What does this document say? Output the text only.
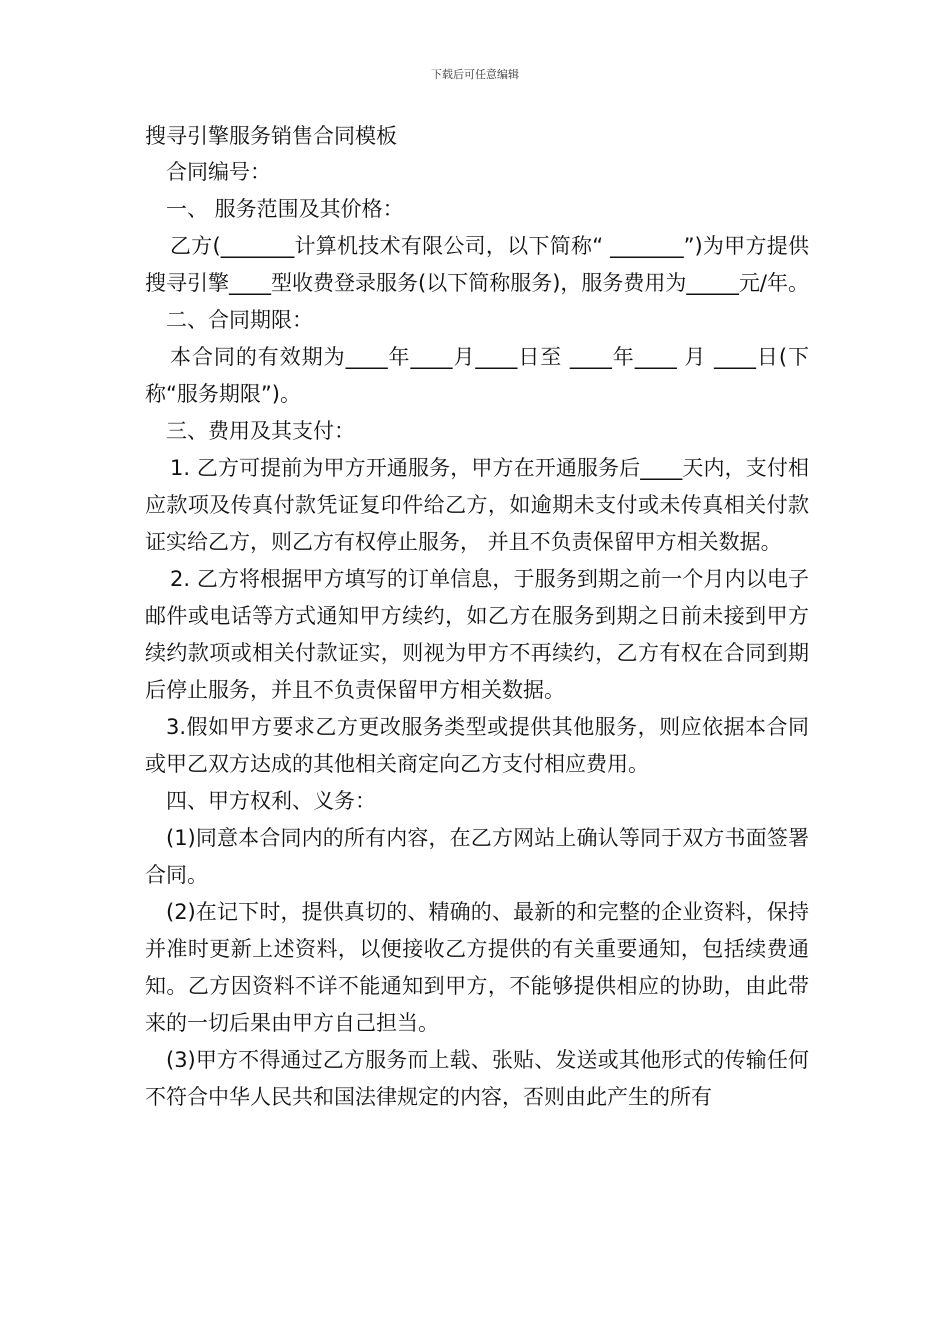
下载后可任意编辑

搜寻引擎服务销售合同模板

合同编号：

一、 服务范围及其价格：

乙方(_______计算机技术有限公司，以下简称“ _______”)为甲方提供搜寻引擎____型收费登录服务(以下简称服务)，服务费用为_____元/年。

二、合同期限：

本合同的有效期为____年____月____日至 ____年____ 月 ____日(下称“服务期限”)。

三、费用及其支付：

1. 乙方可提前为甲方开通服务，甲方在开通服务后____天内，支付相应款项及传真付款凭证复印件给乙方，如逾期未支付或未传真相关付款证实给乙方，则乙方有权停止服务， 并且不负责保留甲方相关数据。

2. 乙方将根据甲方填写的订单信息，于服务到期之前一个月内以电子邮件或电话等方式通知甲方续约，如乙方在服务到期之日前未接到甲方续约款项或相关付款证实，则视为甲方不再续约，乙方有权在合同到期后停止服务，并且不负责保留甲方相关数据。

3.假如甲方要求乙方更改服务类型或提供其他服务，则应依据本合同或甲乙双方达成的其他相关商定向乙方支付相应费用。

四、甲方权利、义务：

(1)同意本合同内的所有内容，在乙方网站上确认等同于双方书面签署合同。

(2)在记下时，提供真切的、精确的、最新的和完整的企业资料，保持并准时更新上述资料，以便接收乙方提供的有关重要通知，包括续费通知。乙方因资料不详不能通知到甲方，不能够提供相应的协助，由此带来的一切后果由甲方自己担当。

(3)甲方不得通过乙方服务而上载、张贴、发送或其他形式的传输任何不符合中华人民共和国法律规定的内容，否则由此产生的所有
